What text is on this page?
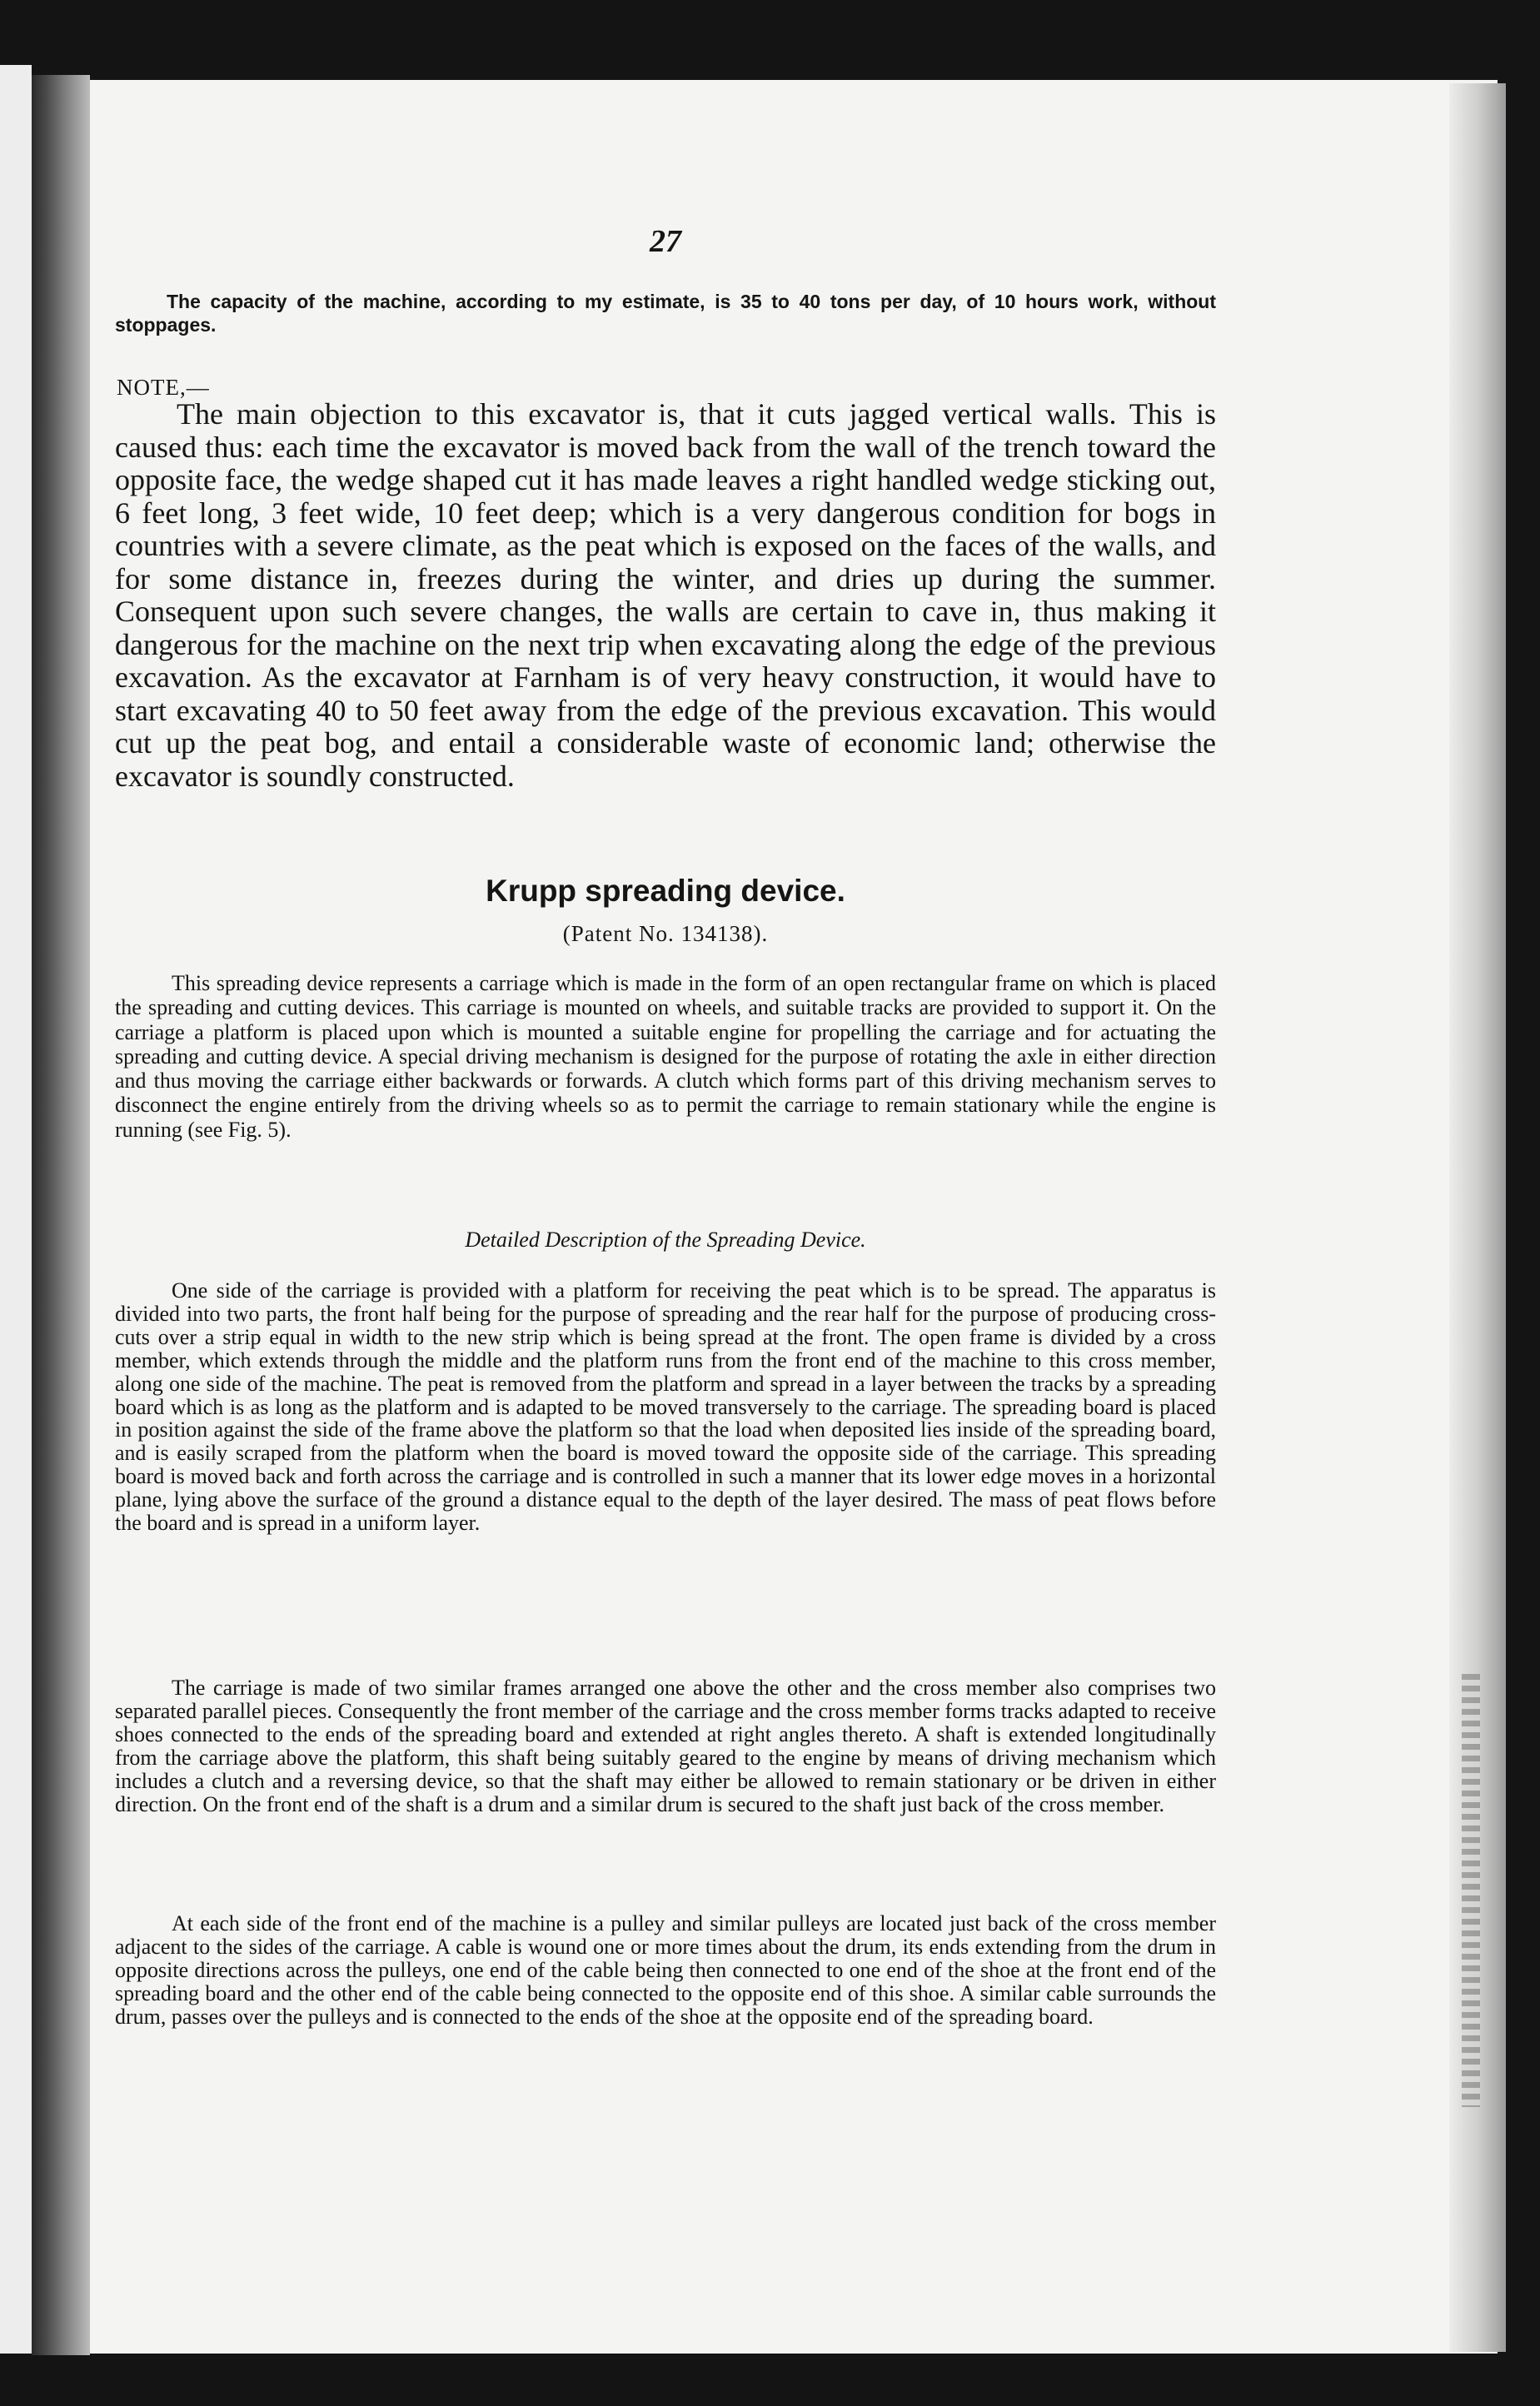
27

The capacity of the machine, according to my estimate, is 35 to 40 tons per day, of 10 hours work, without stoppages.

NOTE,—

The main objection to this excavator is, that it cuts jagged vertical walls. This is caused thus: each time the excavator is moved back from the wall of the trench toward the opposite face, the wedge shaped cut it has made leaves a right handled wedge sticking out, 6 feet long, 3 feet wide, 10 feet deep; which is a very dangerous condition for bogs in countries with a severe climate, as the peat which is exposed on the faces of the walls, and for some distance in, freezes during the winter, and dries up during the summer. Consequent upon such severe changes, the walls are certain to cave in, thus making it dangerous for the machine on the next trip when excavating along the edge of the previous excavation. As the excavator at Farnham is of very heavy construction, it would have to start excavating 40 to 50 feet away from the edge of the previous excavation. This would cut up the peat bog, and entail a considerable waste of economic land; otherwise the excavator is soundly constructed.

Krupp spreading device.
(Patent No. 134138).

This spreading device represents a carriage which is made in the form of an open rectangular frame on which is placed the spreading and cutting devices. This carriage is mounted on wheels, and suitable tracks are provided to support it. On the carriage a platform is placed upon which is mounted a suitable engine for propelling the carriage and for actuating the spreading and cutting device. A special driving mechanism is designed for the purpose of rotating the axle in either direction and thus moving the carriage either backwards or forwards. A clutch which forms part of this driving mechanism serves to disconnect the engine entirely from the driving wheels so as to permit the carriage to remain stationary while the engine is running (see Fig. 5).

Detailed Description of the Spreading Device.

One side of the carriage is provided with a platform for receiving the peat which is to be spread. The apparatus is divided into two parts, the front half being for the purpose of spreading and the rear half for the purpose of producing cross-cuts over a strip equal in width to the new strip which is being spread at the front. The open frame is divided by a cross member, which extends through the middle and the platform runs from the front end of the machine to this cross member, along one side of the machine. The peat is removed from the platform and spread in a layer between the tracks by a spreading board which is as long as the platform and is adapted to be moved transversely to the carriage. The spreading board is placed in position against the side of the frame above the platform so that the load when deposited lies inside of the spreading board, and is easily scraped from the platform when the board is moved toward the opposite side of the carriage. This spreading board is moved back and forth across the carriage and is controlled in such a manner that its lower edge moves in a horizontal plane, lying above the surface of the ground a distance equal to the depth of the layer desired. The mass of peat flows before the board and is spread in a uniform layer.

The carriage is made of two similar frames arranged one above the other and the cross member also comprises two separated parallel pieces. Consequently the front member of the carriage and the cross member forms tracks adapted to receive shoes connected to the ends of the spreading board and extended at right angles thereto. A shaft is extended longitudinally from the carriage above the platform, this shaft being suitably geared to the engine by means of driving mechanism which includes a clutch and a reversing device, so that the shaft may either be allowed to remain stationary or be driven in either direction. On the front end of the shaft is a drum and a similar drum is secured to the shaft just back of the cross member.

At each side of the front end of the machine is a pulley and similar pulleys are located just back of the cross member adjacent to the sides of the carriage. A cable is wound one or more times about the drum, its ends extending from the drum in opposite directions across the pulleys, one end of the cable being then connected to one end of the shoe at the front end of the spreading board and the other end of the cable being connected to the opposite end of this shoe. A similar cable surrounds the drum, passes over the pulleys and is connected to the ends of the shoe at the opposite end of the spreading board.
